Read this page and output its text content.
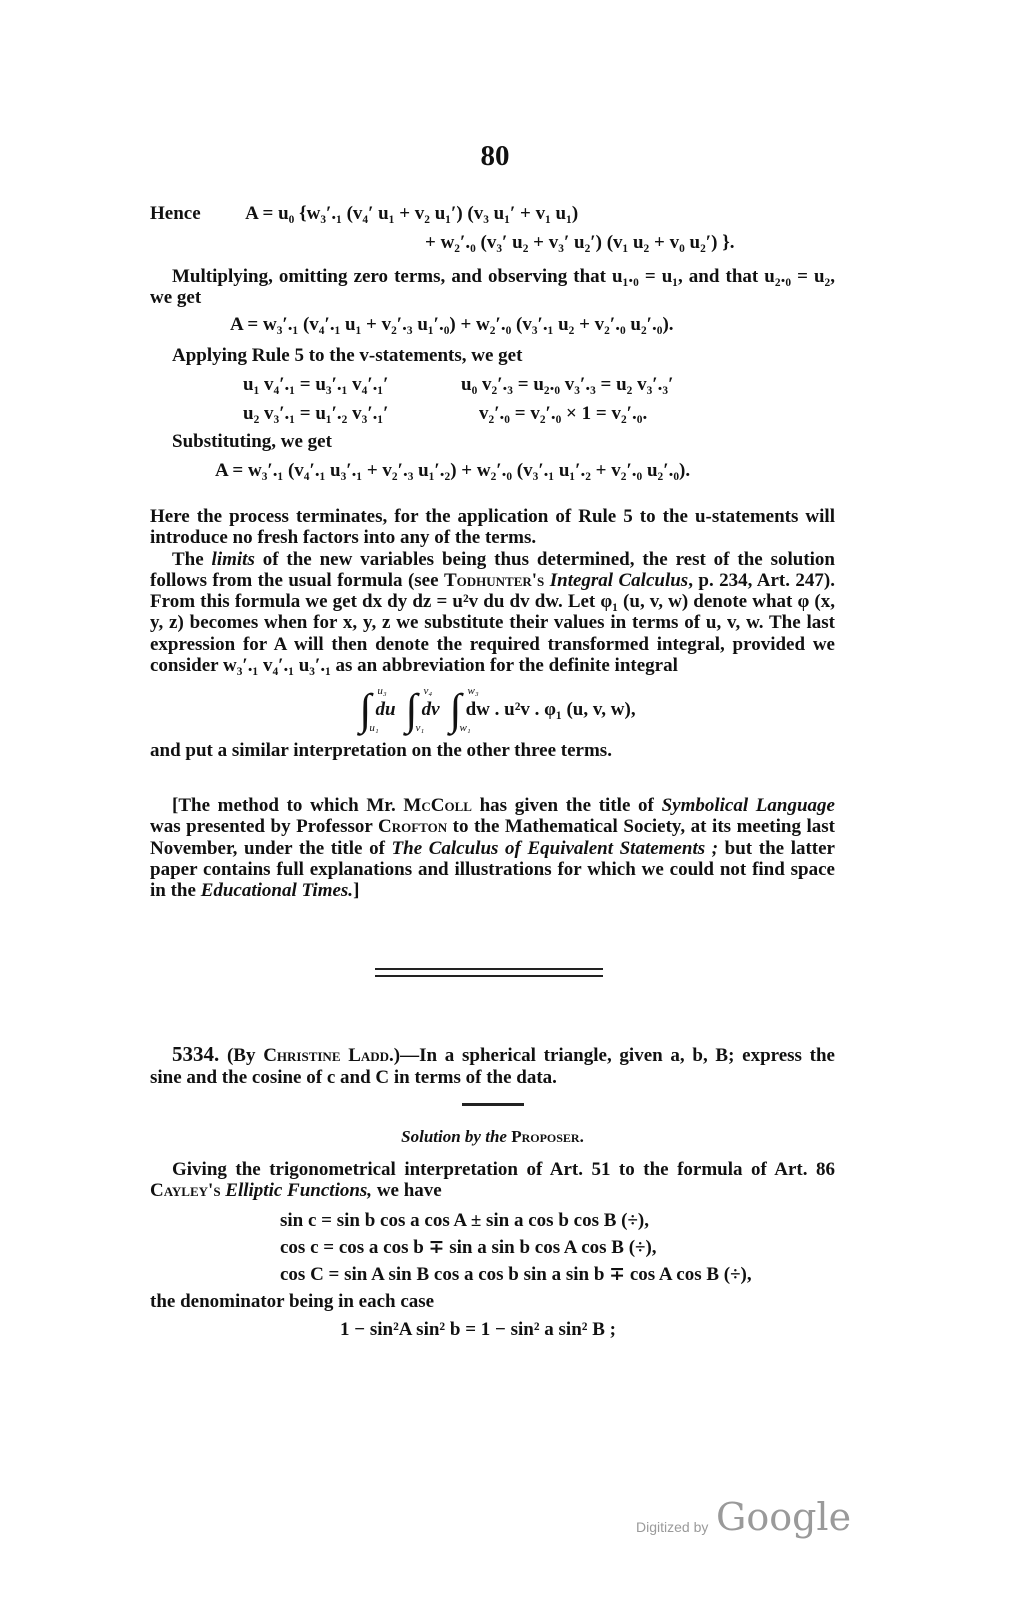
80
Hence A = u₀ {w₃′.₁ (v₄′ u₁ + v₂ u₁′) (v₃ u₁′ + v₁ u₁)
+ w₂′.₀ (v₃′ u₂ + v₃′ u₂′) (v₁ u₂ + v₀ u₂′) }.

Multiplying, omitting zero terms, and observing that u₁.₀ = u₁, and that u₂.₀ = u₂, we get

A = w₃′.₁ (v₄′.₁ u₁ + v₂′.₃ u₁′.₀) + w₂′.₀ (v₃′.₁ u₂ + v₂′.₀ u₂′.₀).
Applying Rule 5 to the v-statements, we get
u₁ v₄′.₁ = u₃′.₁ v₄′.₁′	u₀ v₂′.₃ = u₂.₀ v₃′.₃ = u₂ v₃′.₃′
u₂ v₃′.₁ = u₁′.₂ v₃′.₁′	v₂′.₀ = v₂′.₀ × 1 = v₂′.₀.
Substituting, we get
A = w₃′.₁ (v₄′.₁ u₃′.₁ + v₂′.₃ u₁′.₂) + w₂′.₀ (v₃′.₁ u₁′.₂ + v₂′.₀ u₂′.₀).

Here the process terminates, for the application of Rule 5 to the u-statements will introduce no fresh factors into any of the terms.

The limits of the new variables being thus determined, the rest of the solution follows from the usual formula (see Todhunter's Integral Calculus, p. 234, Art. 247). From this formula we get dx dy dz = u²v du dv dw. Let φ₁ (u, v, w) denote what φ (x, y, z) becomes when for x, y, z we substitute their values in terms of u, v, w. The last expression for A will then denote the required transformed integral, provided we consider w₃′.₁ v₄′.₁ u₃′.₁ as an abbreviation for the definite integral

∫ u₃
u₁
du ∫ v₄
v₁
dv ∫ w₃
w₁
dw . u²v . φ₁ (u, v, w),

and put a similar interpretation on the other three terms.

[The method to which Mr. McColl has given the title of Symbolical Language was presented by Professor Crofton to the Mathematical Society, at its meeting last November, under the title of The Calculus of Equivalent Statements ; but the latter paper contains full explanations and illustrations for which we could not find space in the Educational Times.]

5334. (By Christine Ladd.)—In a spherical triangle, given a, b, B; express the sine and the cosine of c and C in terms of the data.

Solution by the Proposer.

Giving the trigonometrical interpretation of Art. 51 to the formula of Art. 86 Cayley's Elliptic Functions, we have

sin c = sin b cos a cos A ± sin a cos b cos B (÷),
cos c = cos a cos b ∓ sin a sin b cos A cos B (÷),
cos C = sin A sin B cos a cos b sin a sin b ∓ cos A cos B (÷),
the denominator being in each case
1 − sin²A sin² b = 1 − sin² a sin² B ;
Digitized by Google
